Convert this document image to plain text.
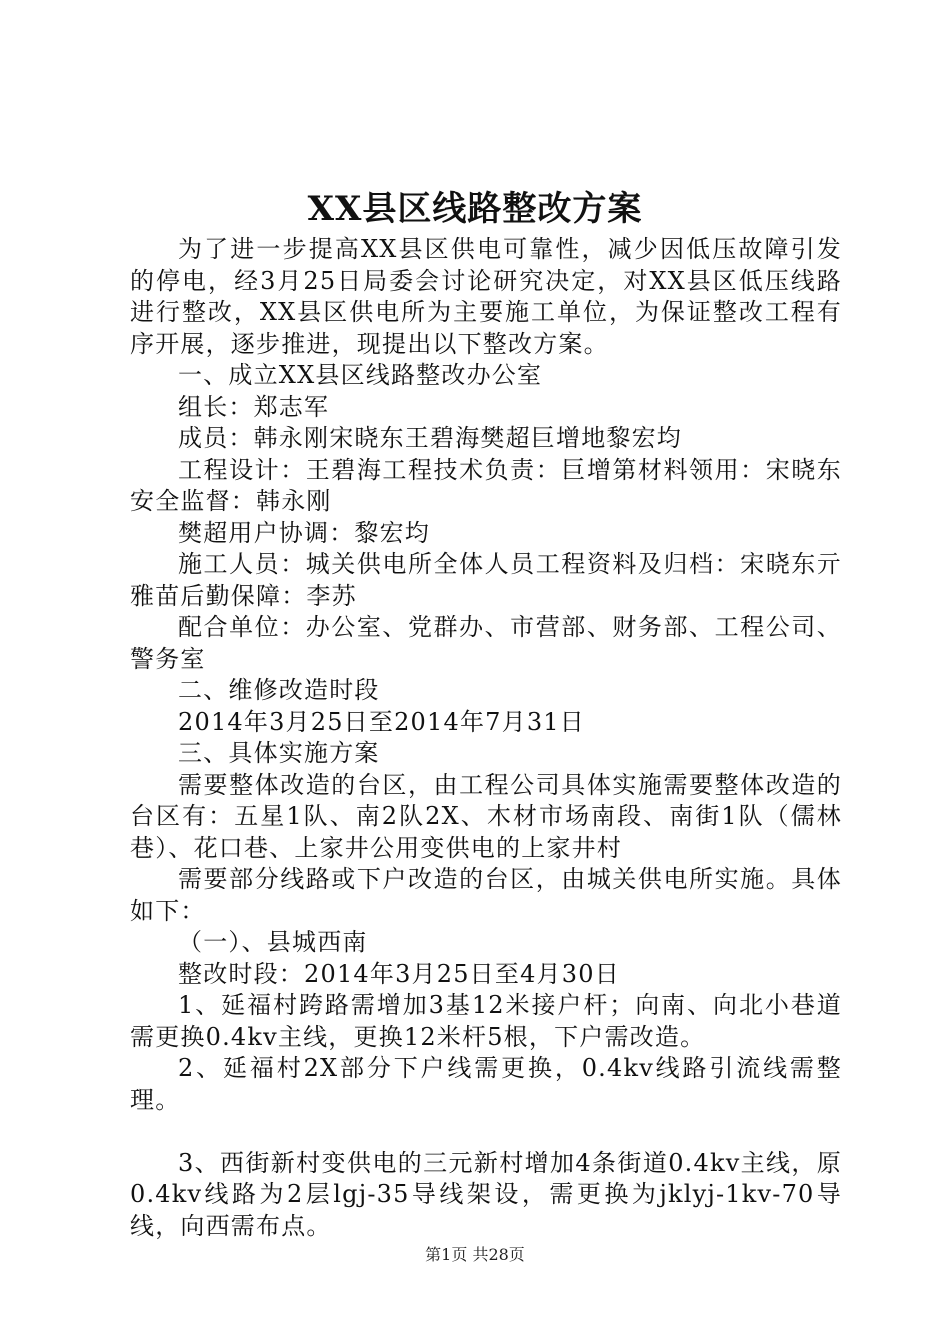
XX县区线路整改方案

为了进一步提高XX县区供电可靠性，减少因低压故障引发的停电，经3月25日局委会讨论研究决定，对XX县区低压线路进行整改，XX县区供电所为主要施工单位，为保证整改工程有序开展，逐步推进，现提出以下整改方案。

一、成立XX县区线路整改办公室

组长：郑志军

成员：韩永刚宋晓东王碧海樊超巨增地黎宏均

工程设计：王碧海工程技术负责：巨增第材料领用：宋晓东安全监督：韩永刚

樊超用户协调：黎宏均

施工人员：城关供电所全体人员工程资料及归档：宋晓东亓雅苗后勤保障：李苏

配合单位：办公室、党群办、市营部、财务部、工程公司、警务室

二、维修改造时段

2014年3月25日至2014年7月31日

三、具体实施方案

需要整体改造的台区，由工程公司具体实施需要整体改造的台区有：五星1队、南2队2X、木材市场南段、南街1队（儒林巷）、花口巷、上家井公用变供电的上家井村

需要部分线路或下户改造的台区，由城关供电所实施。具体如下：

（一）、县城西南

整改时段：2014年3月25日至4月30日

1、延福村跨路需增加3基12米接户杆；向南、向北小巷道需更换0.4kv主线，更换12米杆5根，下户需改造。

2、延福村2X部分下户线需更换，0.4kv线路引流线需整理。

3、西街新村变供电的三元新村增加4条街道0.4kv主线，原0.4kv线路为2层lgj-35导线架设，需更换为jklyj-1kv-70导线，向西需布点。

第1页 共28页
